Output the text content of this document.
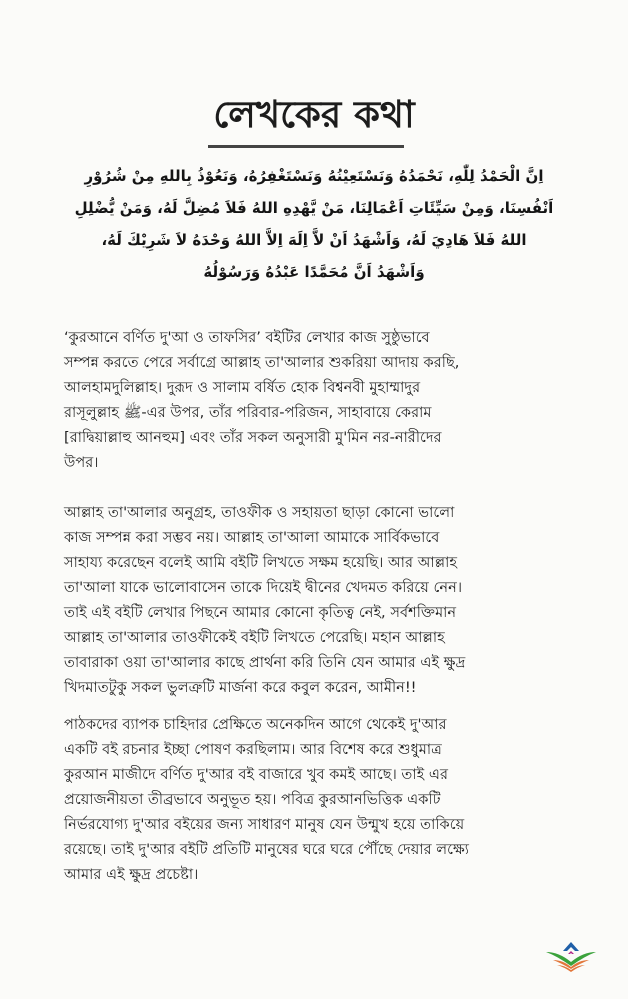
লেখকের কথা
اِنَّ الْحَمْدُ لِلّٰهِ، نَحْمَدُهُ وَنَسْتَعِيْنُهُ وَنَسْتَغْفِرُهُ، وَنَعُوْذُ بِاللهِ مِنْ شُرُوْرِ
اَنْفُسِنَا، وَمِنْ سَيِّئَاتِ اَعْمَالِنَا، مَنْ يَّهْدِهِ اللهُ فَلاَ مُضِلَّ لَهُ، وَمَنْ يُّضْلِلِ
اللهُ فَلاَ هَادِيَ لَهُ، وَاَشْهَدُ اَنْ لاَّ اِلَهَ اِلاَّ اللهُ وَحْدَهُ لاَ شَرِيْكَ لَهُ،
وَاَشْهَدُ اَنَّ مُحَمَّدًا عَبْدُهُ وَرَسُوْلُهُ
‘কুরআনে বর্ণিত দু'আ ও তাফসির’ বইটির লেখার কাজ সুষ্ঠুভাবে
সম্পন্ন করতে পেরে সর্বাগ্রে আল্লাহ তা'আলার শুকরিয়া আদায় করছি,
আলহামদুলিল্লাহ। দুরূদ ও সালাম বর্ষিত হোক বিশ্বনবী মুহাম্মাদুর
রাসূলুল্লাহ ﷺ-এর উপর, তাঁর পরিবার-পরিজন, সাহাবায়ে কেরাম
[রাদ্বিয়াল্লাহু আনহুম] এবং তাঁর সকল অনুসারী মু'মিন নর-নারীদের
উপর।
আল্লাহ তা'আলার অনুগ্রহ, তাওফীক ও সহায়তা ছাড়া কোনো ভালো
কাজ সম্পন্ন করা সম্ভব নয়। আল্লাহ তা'আলা আমাকে সার্বিকভাবে
সাহায্য করেছেন বলেই আমি বইটি লিখতে সক্ষম হয়েছি। আর আল্লাহ
তা'আলা যাকে ভালোবাসেন তাকে দিয়েই দ্বীনের খেদমত করিয়ে নেন।
তাই এই বইটি লেখার পিছনে আমার কোনো কৃতিত্ব নেই, সর্বশক্তিমান
আল্লাহ তা'আলার তাওফীকেই বইটি লিখতে পেরেছি। মহান আল্লাহ
তাবারাকা ওয়া তা'আলার কাছে প্রার্থনা করি তিনি যেন আমার এই ক্ষুদ্র
খিদমাতটুকু সকল ভুলত্রুটি মার্জনা করে কবুল করেন, আমীন!!
পাঠকদের ব্যাপক চাহিদার প্রেক্ষিতে অনেকদিন আগে থেকেই দু'আর
একটি বই রচনার ইচ্ছা পোষণ করছিলাম। আর বিশেষ করে শুধুমাত্র
কুরআন মাজীদে বর্ণিত দু'আর বই বাজারে খুব কমই আছে। তাই এর
প্রয়োজনীয়তা তীব্রভাবে অনুভূত হয়। পবিত্র কুরআনভিত্তিক একটি
নির্ভরযোগ্য দু'আর বইয়ের জন্য সাধারণ মানুষ যেন উন্মুখ হয়ে তাকিয়ে
রয়েছে। তাই দু'আর বইটি প্রতিটি মানুষের ঘরে ঘরে পৌঁছে দেয়ার লক্ষ্যে
আমার এই ক্ষুদ্র প্রচেষ্টা।
